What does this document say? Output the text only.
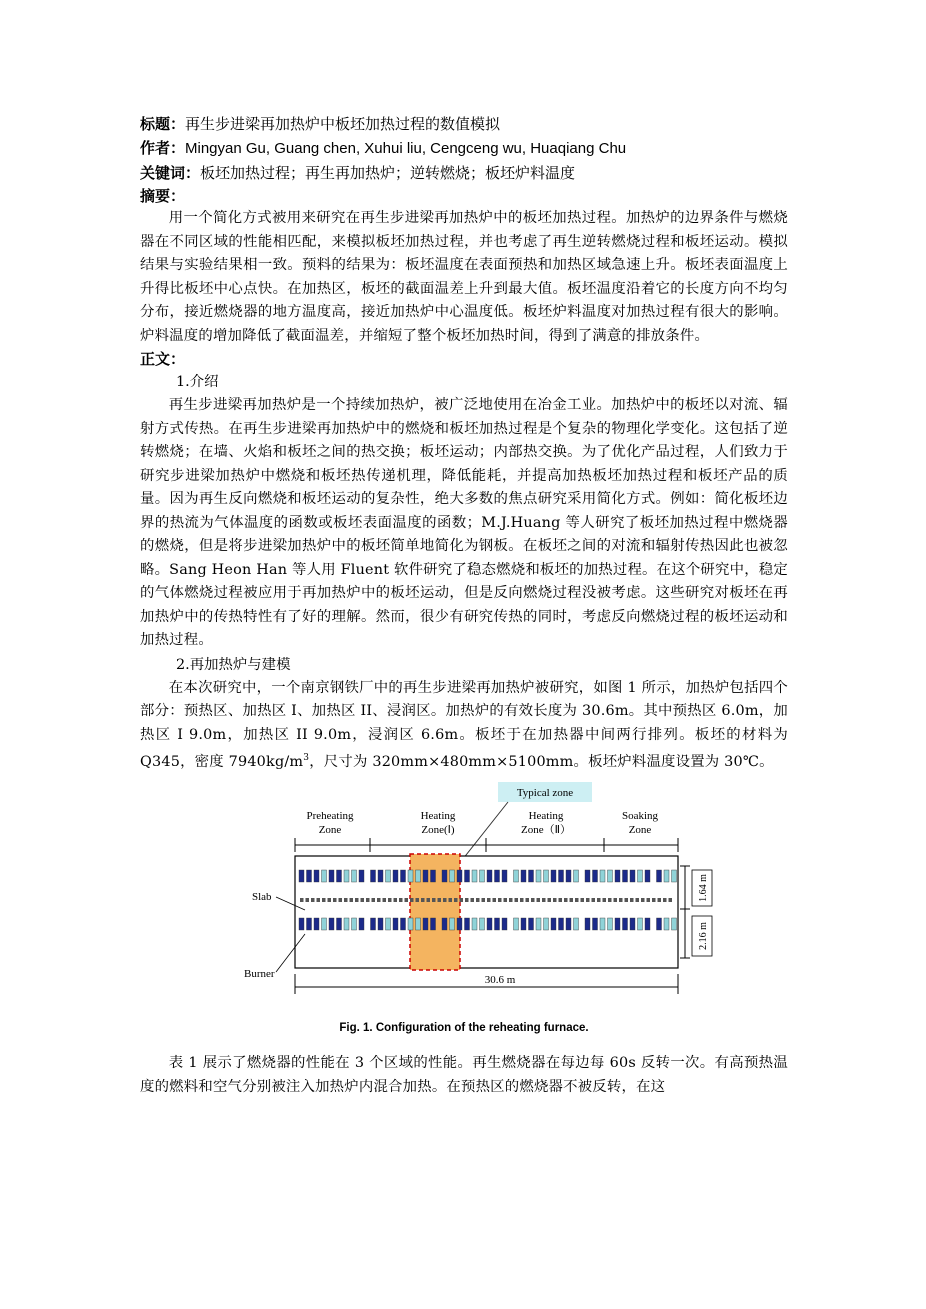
标题：再生步进梁再加热炉中板坯加热过程的数值模拟
作者：Mingyan Gu, Guang chen, Xuhui liu, Cengceng wu, Huaqiang Chu
关键词：板坯加热过程；再生再加热炉；逆转燃烧；板坯炉料温度
摘要：

用一个简化方式被用来研究在再生步进梁再加热炉中的板坯加热过程。加热炉的边界条件与燃烧器在不同区域的性能相匹配，来模拟板坯加热过程，并也考虑了再生逆转燃烧过程和板坯运动。模拟结果与实验结果相一致。预料的结果为：板坯温度在表面预热和加热区域急速上升。板坯表面温度上升得比板坯中心点快。在加热区，板坯的截面温差上升到最大值。板坯温度沿着它的长度方向不均匀分布，接近燃烧器的地方温度高，接近加热炉中心温度低。板坯炉料温度对加热过程有很大的影响。炉料温度的增加降低了截面温差，并缩短了整个板坯加热时间，得到了满意的排放条件。

正文：
1.介绍

再生步进梁再加热炉是一个持续加热炉，被广泛地使用在冶金工业。加热炉中的板坯以对流、辐射方式传热。在再生步进梁再加热炉中的燃烧和板坯加热过程是个复杂的物理化学变化。这包括了逆转燃烧；在墙、火焰和板坯之间的热交换；板坯运动；内部热交换。为了优化产品过程，人们致力于研究步进梁加热炉中燃烧和板坯热传递机理，降低能耗，并提高加热板坯加热过程和板坯产品的质量。因为再生反向燃烧和板坯运动的复杂性，绝大多数的焦点研究采用简化方式。例如：简化板坯边界的热流为气体温度的函数或板坯表面温度的函数；M.J.Huang 等人研究了板坯加热过程中燃烧器的燃烧，但是将步进梁加热炉中的板坯简单地简化为钢板。在板坯之间的对流和辐射传热因此也被忽略。Sang Heon Han 等人用 Fluent 软件研究了稳态燃烧和板坯的加热过程。在这个研究中，稳定的气体燃烧过程被应用于再加热炉中的板坯运动，但是反向燃烧过程没被考虑。这些研究对板坯在再加热炉中的传热特性有了好的理解。然而，很少有研究传热的同时，考虑反向燃烧过程的板坯运动和加热过程。

2.再加热炉与建模

在本次研究中，一个南京钢铁厂中的再生步进梁再加热炉被研究，如图 1 所示，加热炉包括四个部分：预热区、加热区 I、加热区 II、浸润区。加热炉的有效长度为 30.6m。其中预热区 6.0m，加热区 I 9.0m，加热区 II 9.0m，浸润区 6.6m。板坯于在加热器中间两行排列。板坯的材料为 Q345，密度 $7940kg/m^3$，尺寸为 320mm×480mm×5100mm。板坯炉料温度设置为 30℃。

Typical zone
Preheating
Zone
Heating
Zone(Ⅰ)
Heating
Zone（Ⅱ）
Soaking
Zone
Slab
Burner
1.64 m
2.16 m
30.6 m
Fig. 1. Configuration of the reheating furnace.

表 1 展示了燃烧器的性能在 3 个区域的性能。再生燃烧器在每边每 60s 反转一次。有高预热温度的燃料和空气分别被注入加热炉内混合加热。在预热区的燃烧器不被反转，在这
